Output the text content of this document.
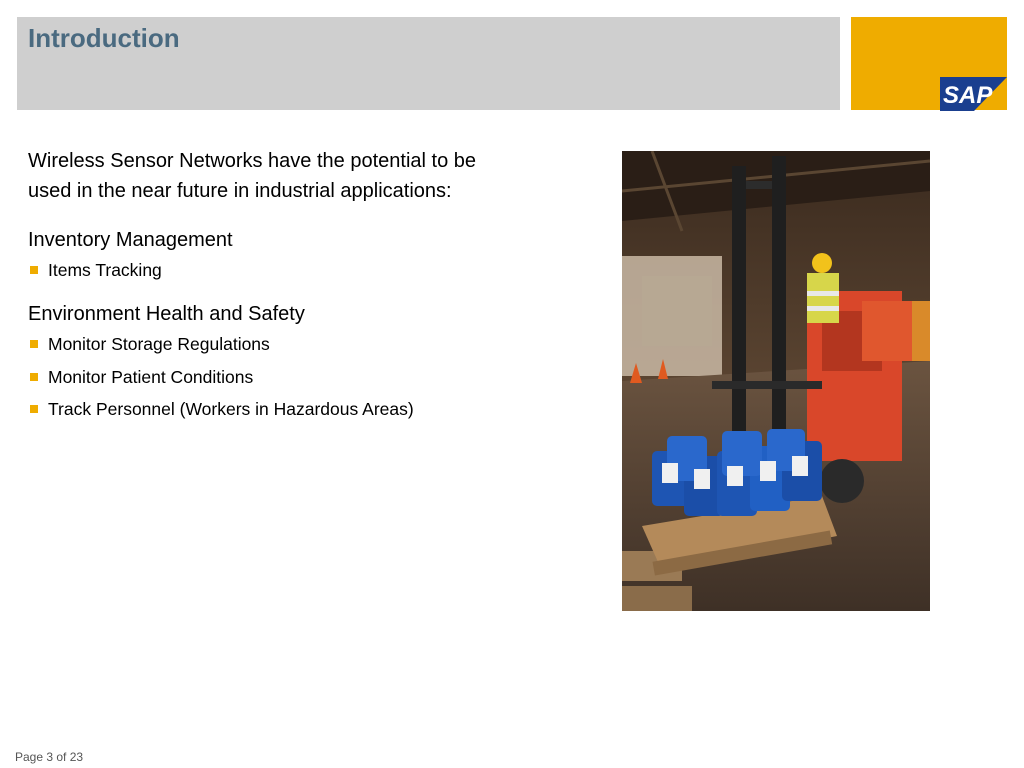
Introduction
SAP

Wireless Sensor Networks have the potential to be used in the near future in industrial applications:

Inventory Management
Items Tracking
Environment Health and Safety
Monitor Storage Regulations
Monitor Patient Conditions
Track Personnel (Workers in Hazardous Areas)
Page 3 of 23
